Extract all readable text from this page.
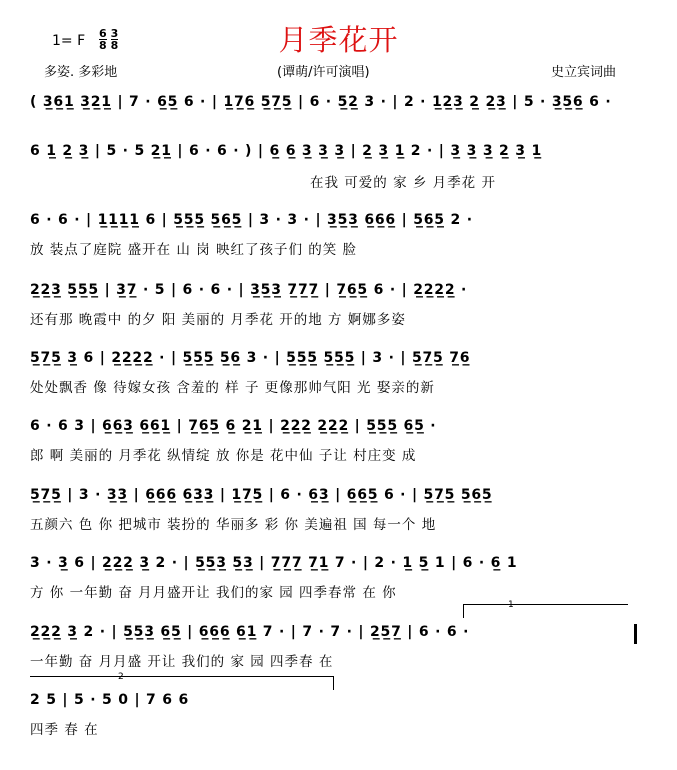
月季花开
1= F $\frac{6}{8} \frac{3}{8}$
多姿. 多彩地	(谭萌/许可演唱)	史立宾词曲
( 3̲6̲1̲ 3̲2̲1̲ | 7 · 6̲5̲ 6 · | 1̲7̲6̲ 5̲7̲5̲ | 6 · 5̲2̲ 3 · | 2 · 1̲2̲3̲ 2̲ 2̲3̲ | 5 · 3̲5̲6̲ 6 ·
6 1̲ 2̲ 3̲ | 5 · 5 2̲1̲ | 6 · 6 · ) | 6̲ 6̲ 3̲ 3̲ 3̲ | 2̲ 3̲ 1̲ 2 · | 3̲ 3̲ 3̲ 2̲ 3̲ 1̲
在我 可爱的 家 乡 月季花 开
6 · 6 · | 1̲1̲1̲1̲ 6 | 5̲5̲5̲ 5̲6̲5̲ | 3 · 3 · | 3̲5̲3̲ 6̲6̲6̲ | 5̲6̲5̲ 2 ·
放 装点了庭院 盛开在 山 岗 映红了孩子们 的笑 脸
2̲2̲3̲ 5̲5̲5̲ | 3̲7̲ · 5 | 6 · 6 · | 3̲5̲3̲ 7̲7̲7̲ | 7̲6̲5̲ 6 · | 2̲2̲2̲2̲ ·
还有那 晚霞中 的夕 阳 美丽的 月季花 开的地 方 婀娜多姿
5̲7̲5̲ 3̲ 6 | 2̲2̲2̲2̲ · | 5̲5̲5̲ 5̲6̲ 3 · | 5̲5̲5̲ 5̲5̲5̲ | 3 · | 5̲7̲5̲ 7̲6̲
处处飘香 像 待嫁女孩 含羞的 样 子 更像那帅气阳 光 娶亲的新
6 · 6 3 | 6̲6̲3̲ 6̲6̲1̲ | 7̲6̲5̲ 6̲ 2̲1̲ | 2̲2̲2̲ 2̲2̲2̲ | 5̲5̲5̲ 6̲5̲ ·
郎 啊 美丽的 月季花 纵情绽 放 你是 花中仙 子让 村庄变 成
5̲7̲5̲ | 3 · 3̲3̲ | 6̲6̲6̲ 6̲3̲3̲ | 1̲7̲5̲ | 6 · 6̲3̲ | 6̲6̲5̲ 6 · | 5̲7̲5̲ 5̲6̲5̲
五颜六 色 你 把城市 装扮的 华丽多 彩 你 美遍祖 国 每一个 地
3 · 3̲ 6 | 2̲2̲2̲ 3̲ 2 · | 5̲5̲3̲ 5̲3̲ | 7̲7̲7̲ 7̲1̲ 7 · | 2 · 1̲ 5̲ 1 | 6 · 6̲ 1
方 你 一年勤 奋 月月盛开让 我们的家 园 四季春常 在 你
1
2̲2̲2̲ 3̲ 2 · | 5̲5̲3̲ 6̲5̲ | 6̲6̲6̲ 6̲1̲ 7 · | 7 · 7 · | 2̲5̲7̲ | 6 · 6 ·
一年勤 奋 月月盛 开让 我们的 家 园 四季春 在
2
2 5 | 5 · 5 0 | 7 6 6
四季 春 在
